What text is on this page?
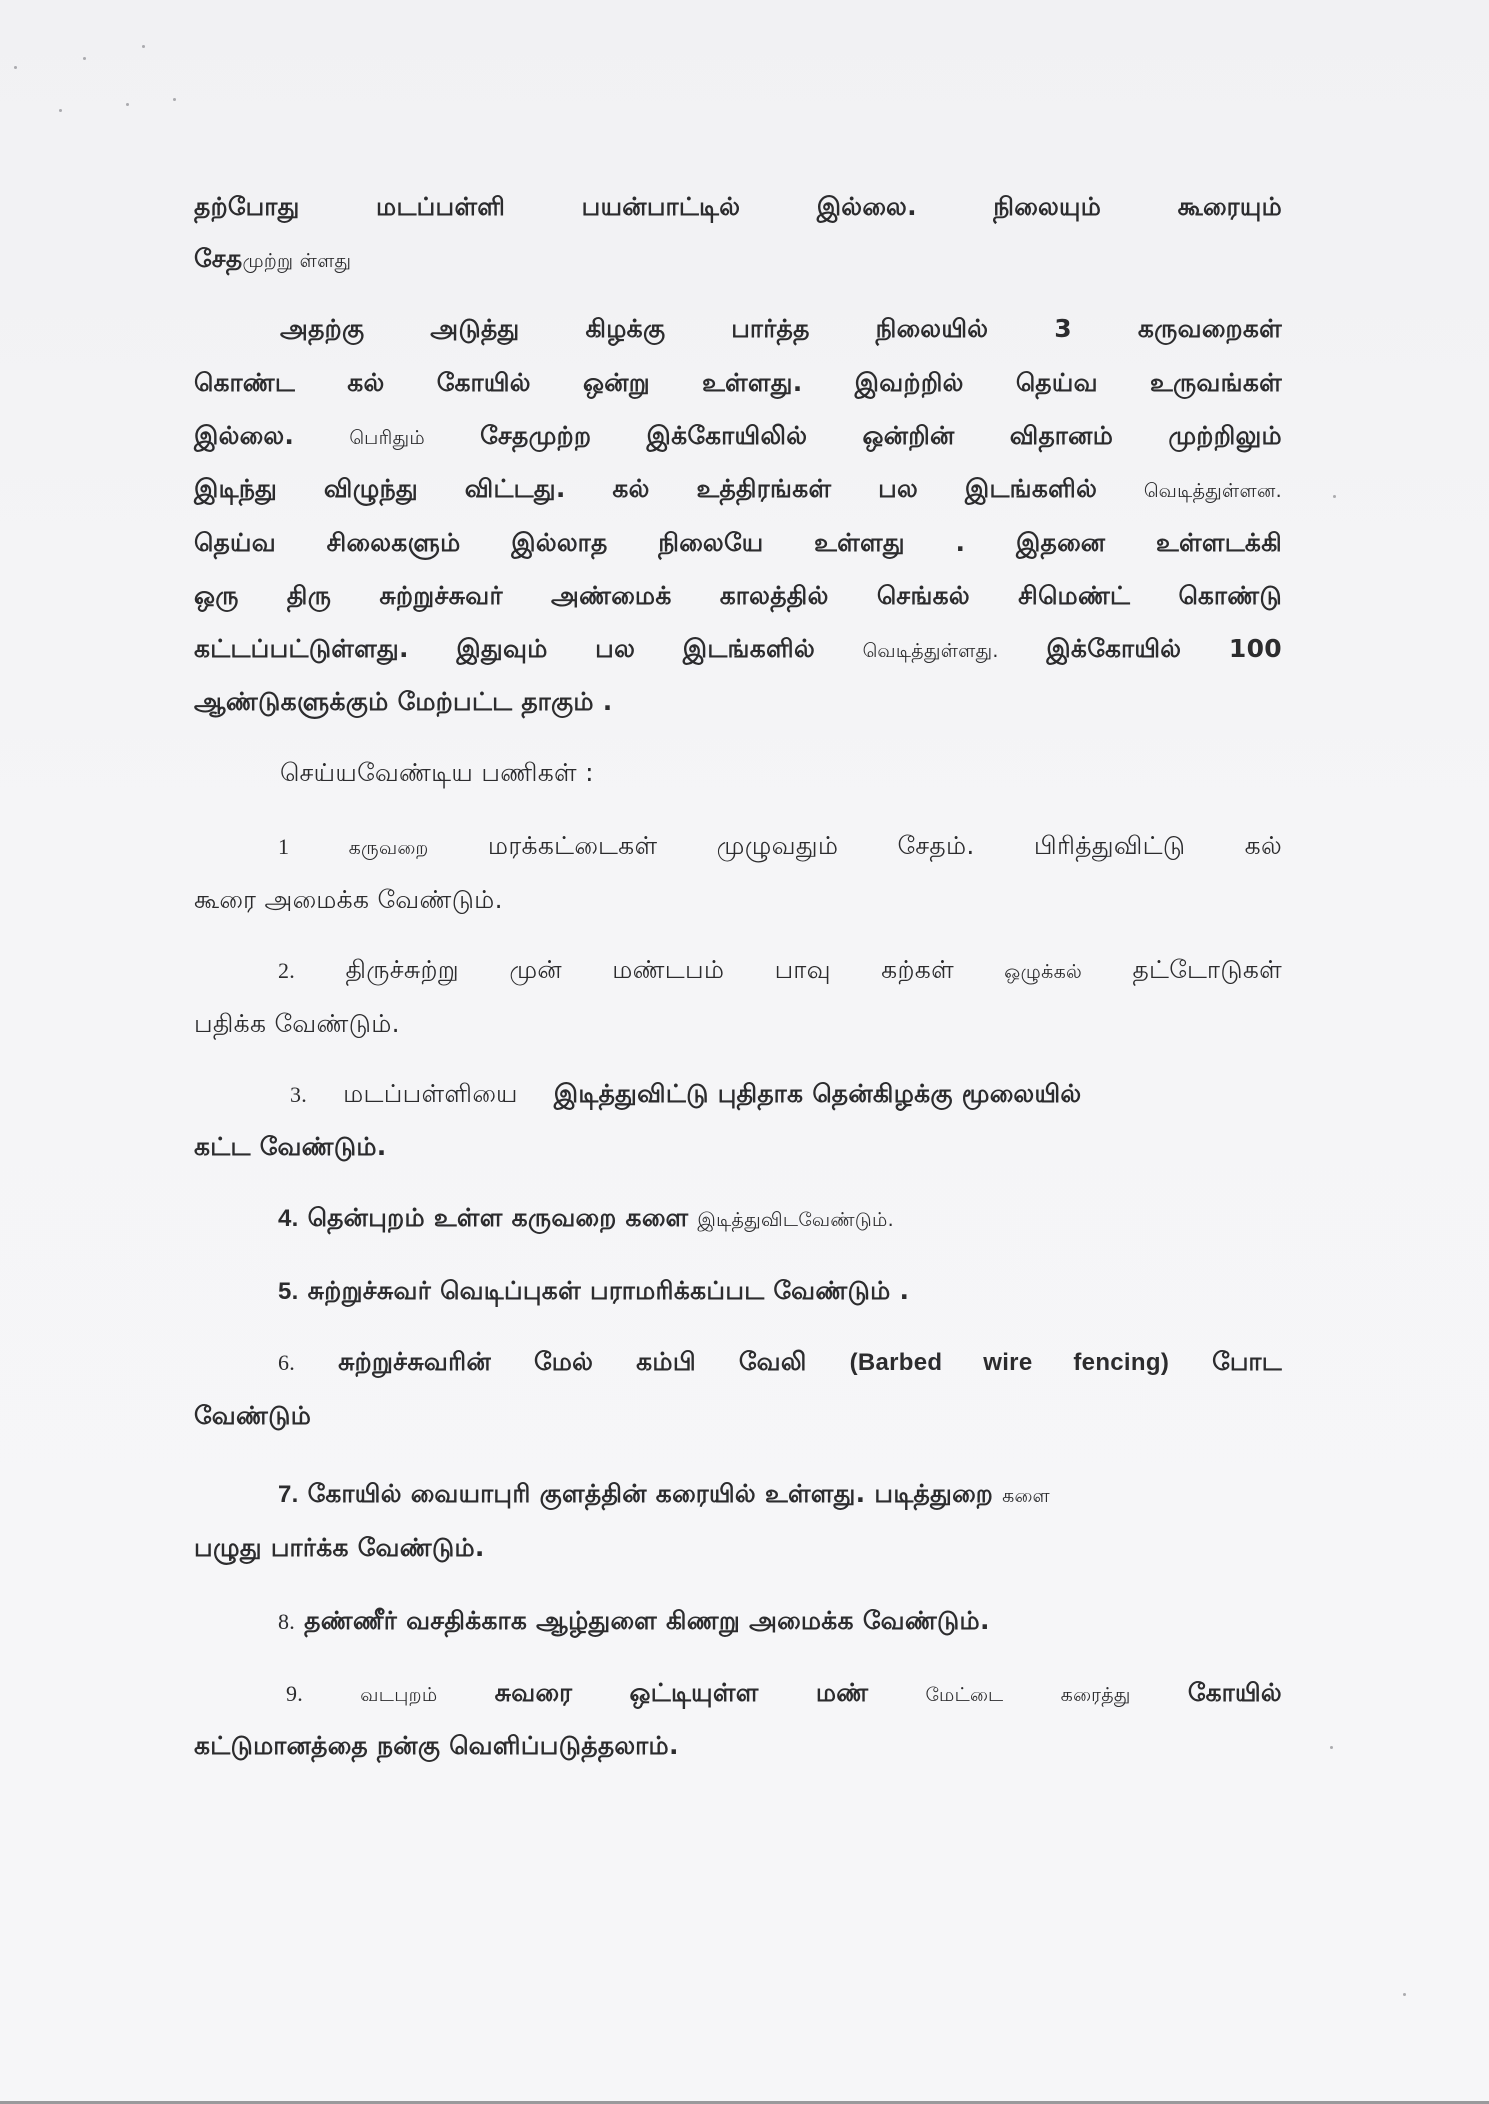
தற்போது மடப்பள்ளி பயன்பாட்டில் இல்லை. நிலையும் கூரையும்
சேதமுற்று ள்ளது
அதற்கு அடுத்து கிழக்கு பார்த்த நிலையில் 3 கருவறைகள்
கொண்ட கல் கோயில் ஒன்று உள்ளது. இவற்றில் தெய்வ உருவங்கள்
இல்லை.	பெரிதும் சேதமுற்ற இக்கோயிலில் ஒன்றின் விதானம் முற்றிலும்
இடிந்து விழுந்து விட்டது. கல் உத்திரங்கள் பல இடங்களில் வெடித்துள்ளன.
தெய்வ சிலைகளும் இல்லாத நிலையே உள்ளது . இதனை உள்ளடக்கி
ஒரு திரு சுற்றுச்சுவர் அண்மைக் காலத்தில் செங்கல் சிமெண்ட் கொண்டு
கட்டப்பட்டுள்ளது. இதுவும் பல இடங்களில்	வெடித்துள்ளது. இக்கோயில் 100
ஆண்டுகளுக்கும் மேற்பட்ட தாகும் .
செய்யவேண்டிய பணிகள் :
1	கருவறை மரக்கட்டைகள் முழுவதும் சேதம். பிரித்துவிட்டு கல்
கூரை அமைக்க வேண்டும்.
2. திருச்சுற்று முன் மண்டபம் பாவு கற்கள்	ஒழுக்கல் தட்டோடுகள்
பதிக்க வேண்டும்.
3. மடப்பள்ளியை இடித்துவிட்டு புதிதாக தென்கிழக்கு மூலையில்
கட்ட வேண்டும்.
4. தென்புறம் உள்ள கருவறை களை இடித்துவிடவேண்டும்.
5. சுற்றுச்சுவர் வெடிப்புகள் பராமரிக்கப்பட வேண்டும் .
6. சுற்றுச்சுவரின் மேல் கம்பி வேலி (Barbed wire fencing) போட
வேண்டும்
7. கோயில் வையாபுரி குளத்தின் கரையில் உள்ளது. படித்துறை களை
பழுது பார்க்க வேண்டும்.
8. தண்ணீர் வசதிக்காக ஆழ்துளை கிணறு அமைக்க வேண்டும்.
9.	வடபுறம் சுவரை ஒட்டியுள்ள மண்	மேட்டை	கரைத்து கோயில்
கட்டுமானத்தை நன்கு வெளிப்படுத்தலாம்.
